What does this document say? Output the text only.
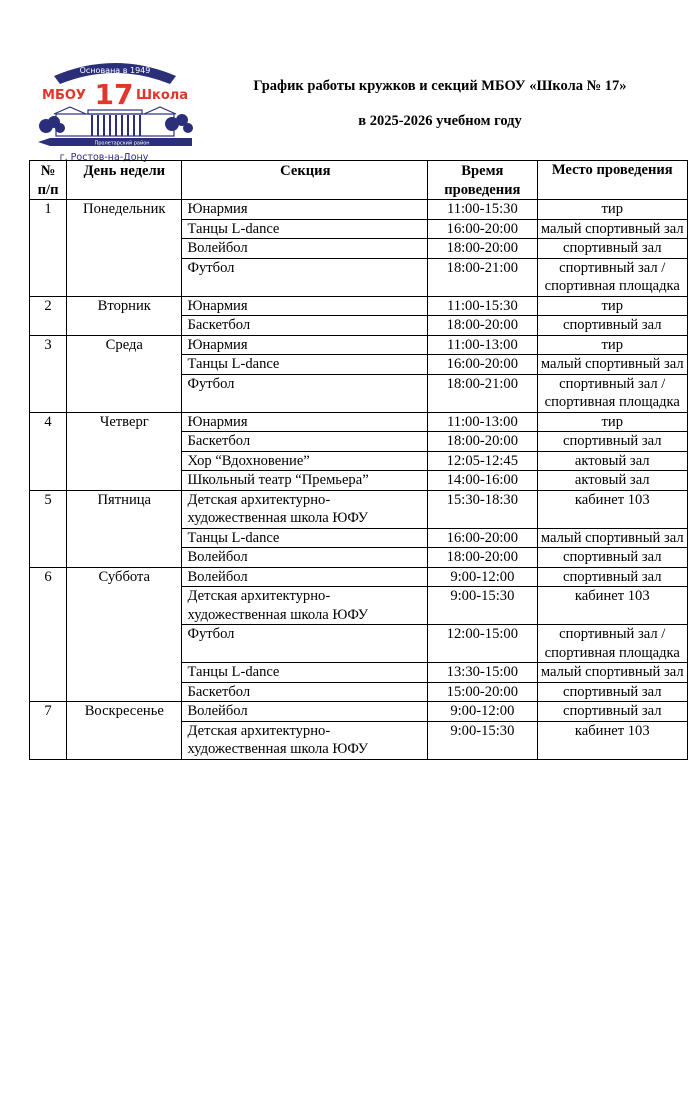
Основана в 1949
МБОУ 17 Школа
Пролетарский район
г. Ростов-на-Дону
График работы кружков и секций МБОУ «Школа № 17»
в 2025-2026 учебном году
№ п/п	День недели	Секция	Время проведения	Место проведения
1	Понедельник	Юнармия	11:00-15:30	тир
		Танцы L-dance	16:00-20:00	малый спортивный зал
		Волейбол	18:00-20:00	спортивный зал
		Футбол	18:00-21:00	спортивный зал / спортивная площадка
2	Вторник	Юнармия	11:00-15:30	тир
		Баскетбол	18:00-20:00	спортивный зал
3	Среда	Юнармия	11:00-13:00	тир
		Танцы L-dance	16:00-20:00	малый спортивный зал
		Футбол	18:00-21:00	спортивный зал / спортивная площадка
4	Четверг	Юнармия	11:00-13:00	тир
		Баскетбол	18:00-20:00	спортивный зал
		Хор “Вдохновение”	12:05-12:45	актовый зал
		Школьный театр “Премьера”	14:00-16:00	актовый зал
5	Пятница	Детская архитектурно-художественная школа ЮФУ	15:30-18:30	кабинет 103
		Танцы L-dance	16:00-20:00	малый спортивный зал
		Волейбол	18:00-20:00	спортивный зал
6	Суббота	Волейбол	9:00-12:00	спортивный зал
		Детская архитектурно-художественная школа ЮФУ	9:00-15:30	кабинет 103
		Футбол	12:00-15:00	спортивный зал / спортивная площадка
		Танцы L-dance	13:30-15:00	малый спортивный зал
		Баскетбол	15:00-20:00	спортивный зал
7	Воскресенье	Волейбол	9:00-12:00	спортивный зал
		Детская архитектурно-художественная школа ЮФУ	9:00-15:30	кабинет 103
